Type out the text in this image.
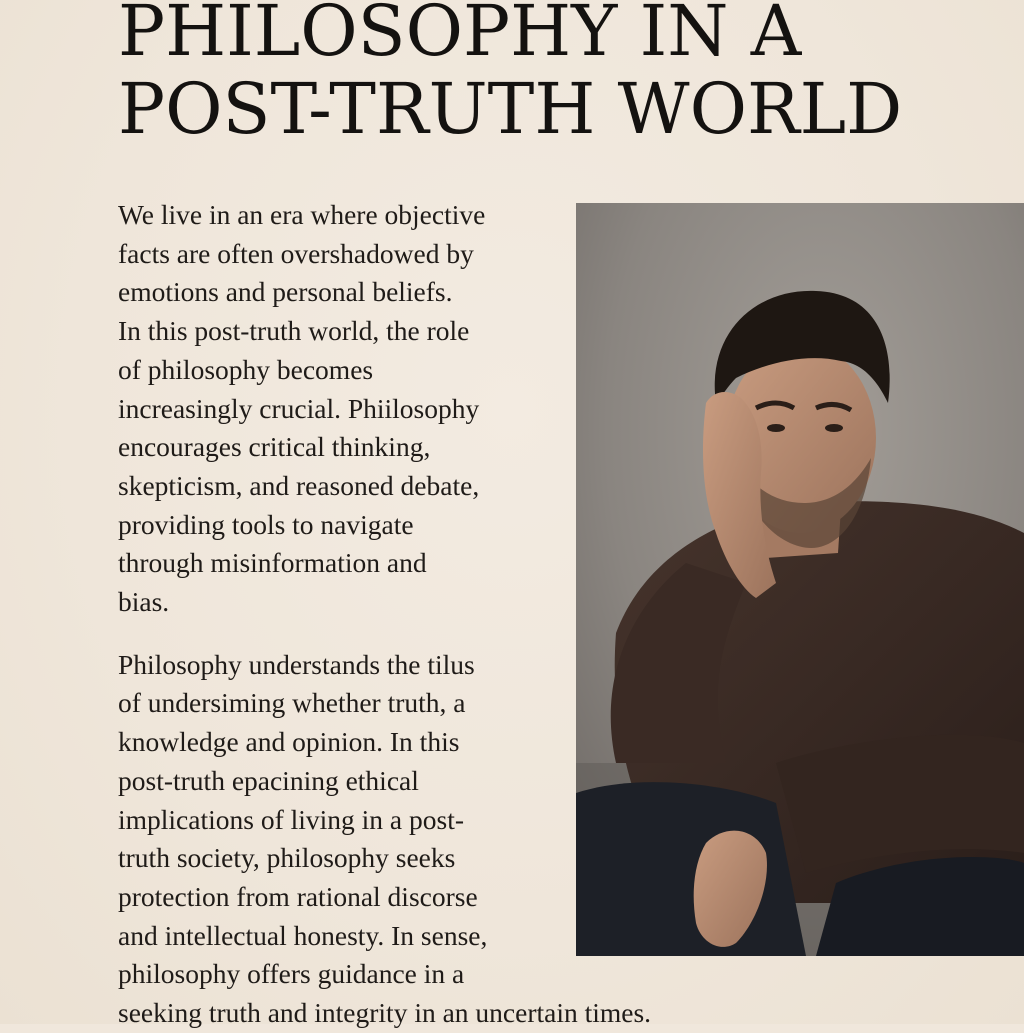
PHILOSOPHY IN A
POST-TRUTH WORLD
We live in an era where objective
facts are often overshadowed by
emotions and personal beliefs.
In this post-truth world, the role
of philosophy becomes
increasingly crucial. Phiilosophy
encourages critical thinking,
skepticism, and reasoned debate,
providing tools to navigate
through misinformation and
bias.
Philosophy understands the tilus
of undersiming whether truth, a
knowledge and opinion. In this
post-truth epacining ethical
implications of living in a post-
truth society, philosophy seeks
protection from rational discorse
and intellectual honesty. In sense,
philosophy offers guidance in a
seeking truth and integrity in an uncertain times.
